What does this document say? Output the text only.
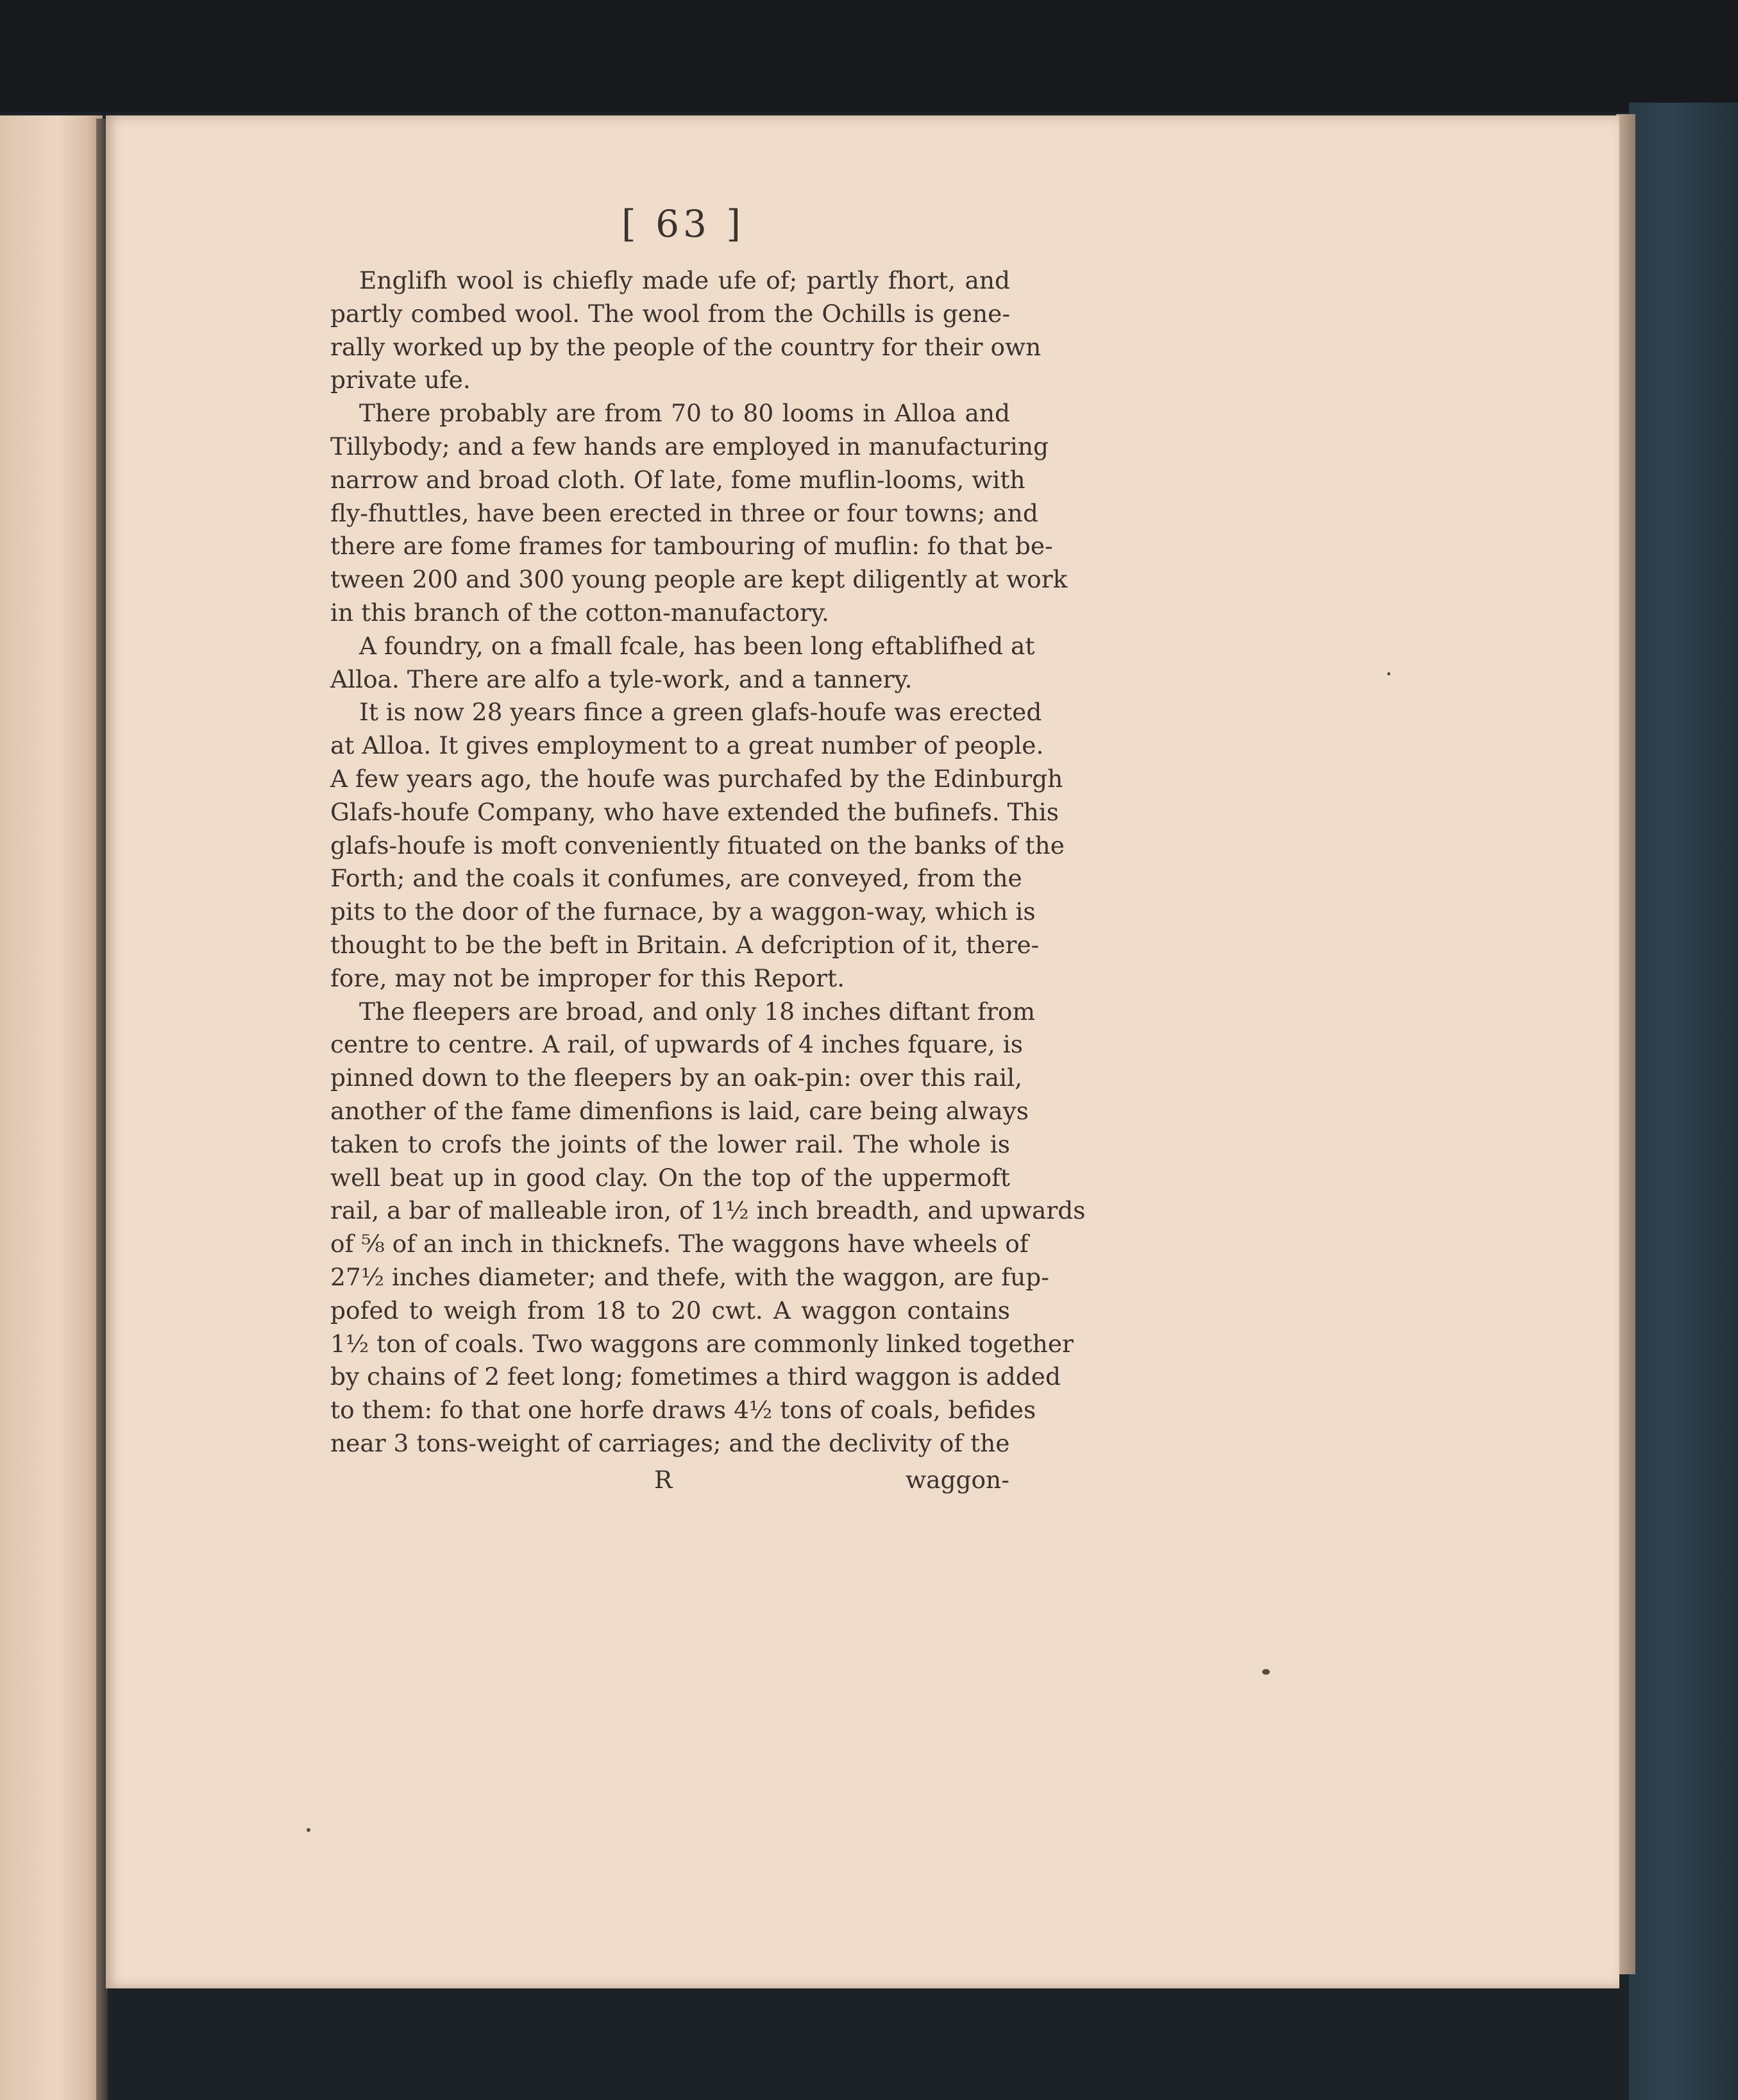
[ 63 ]
Englifh wool is chiefly made ufe of; partly fhort, and
partly combed wool. The wool from the Ochills is gene-
rally worked up by the people of the country for their own
private ufe.
There probably are from 70 to 80 looms in Alloa and
Tillybody; and a few hands are employed in manufacturing
narrow and broad cloth. Of late, fome muflin-looms, with
fly-fhuttles, have been erected in three or four towns; and
there are fome frames for tambouring of muflin: fo that be-
tween 200 and 300 young people are kept diligently at work
in this branch of the cotton-manufactory.
A foundry, on a fmall fcale, has been long eftablifhed at
Alloa. There are alfo a tyle-work, and a tannery.
It is now 28 years fince a green glafs-houfe was erected
at Alloa. It gives employment to a great number of people.
A few years ago, the houfe was purchafed by the Edinburgh
Glafs-houfe Company, who have extended the bufinefs. This
glafs-houfe is moft conveniently fituated on the banks of the
Forth; and the coals it confumes, are conveyed, from the
pits to the door of the furnace, by a waggon-way, which is
thought to be the beft in Britain. A defcription of it, there-
fore, may not be improper for this Report.
The fleepers are broad, and only 18 inches diftant from
centre to centre. A rail, of upwards of 4 inches fquare, is
pinned down to the fleepers by an oak-pin: over this rail,
another of the fame dimenfions is laid, care being always
taken to crofs the joints of the lower rail. The whole is
well beat up in good clay. On the top of the uppermoft
rail, a bar of malleable iron, of 1½ inch breadth, and upwards
of ⅝ of an inch in thicknefs. The waggons have wheels of
27½ inches diameter; and thefe, with the waggon, are fup-
pofed to weigh from 18 to 20 cwt. A waggon contains
1½ ton of coals. Two waggons are commonly linked together
by chains of 2 feet long; fometimes a third waggon is added
to them: fo that one horfe draws 4½ tons of coals, befides
near 3 tons-weight of carriages; and the declivity of the
R	waggon-
